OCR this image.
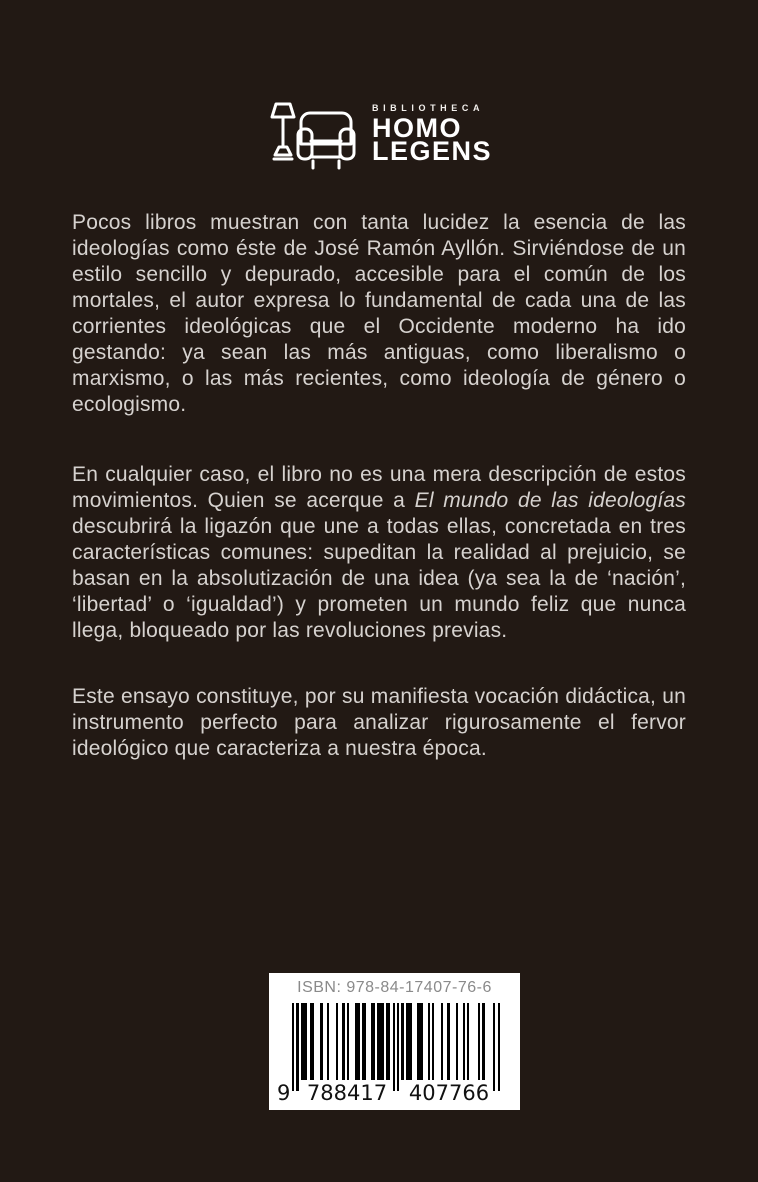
BIBLIOTHECA
HOMO
LEGENS

Pocos libros muestran con tanta lucidez la esencia de las ideologías como éste de José Ramón Ayllón. Sirviéndose de un estilo sencillo y depurado, accesible para el común de los mortales, el autor expresa lo fundamental de cada una de las corrientes ideológicas que el Occidente moderno ha ido gestando: ya sean las más antiguas, como liberalismo o marxismo, o las más recientes, como ideología de género o ecologismo.

En cualquier caso, el libro no es una mera descripción de estos movimientos. Quien se acerque a El mundo de las ideologías descubrirá la ligazón que une a todas ellas, concretada en tres características comunes: supeditan la realidad al prejuicio, se basan en la absolutización de una idea (ya sea la de ‘nación’, ‘libertad’ o ‘igualdad’) y prometen un mundo feliz que nunca llega, bloqueado por las revoluciones previas.

Este ensayo constituye, por su manifiesta vocación didáctica, un instrumento perfecto para analizar rigurosamente el fervor ideológico que caracteriza a nuestra época.

ISBN: 978-84-17407-76-6
9 788417 407766
